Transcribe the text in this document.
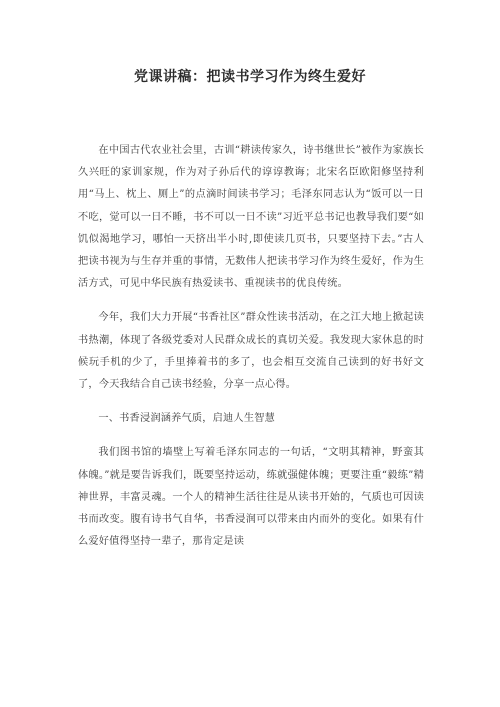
党课讲稿：把读书学习作为终生爱好

在中国古代农业社会里，古训“耕读传家久，诗书继世长”被作为家族长久兴旺的家训家规，作为对子孙后代的谆谆教诲；北宋名臣欧阳修坚持利用“马上、枕上、厕上”的点滴时间读书学习；毛泽东同志认为“饭可以一日不吃，觉可以一日不睡，书不可以一日不读”习近平总书记也教导我们要“如饥似渴地学习，哪怕一天挤出半小时,即使读几页书，只要坚持下去。”古人把读书视为与生存并重的事情，无数伟人把读书学习作为终生爱好，作为生活方式，可见中华民族有热爱读书、重视读书的优良传统。

今年，我们大力开展“书香社区”群众性读书活动，在之江大地上掀起读书热潮，体现了各级党委对人民群众成长的真切关爱。我发现大家休息的时候玩手机的少了，手里捧着书的多了，也会相互交流自己读到的好书好文了，今天我结合自己读书经验，分享一点心得。

一、书香浸润涵养气质，启迪人生智慧

我们图书馆的墙壁上写着毛泽东同志的一句话，“文明其精神，野蛮其体魄。”就是要告诉我们，既要坚持运动，练就强健体魄；更要注重“毅练”精神世界，丰富灵魂。一个人的精神生活往往是从读书开始的，气质也可因读书而改变。腹有诗书气自华，书香浸润可以带来由内而外的变化。如果有什么爱好值得坚持一辈子，那肯定是读
